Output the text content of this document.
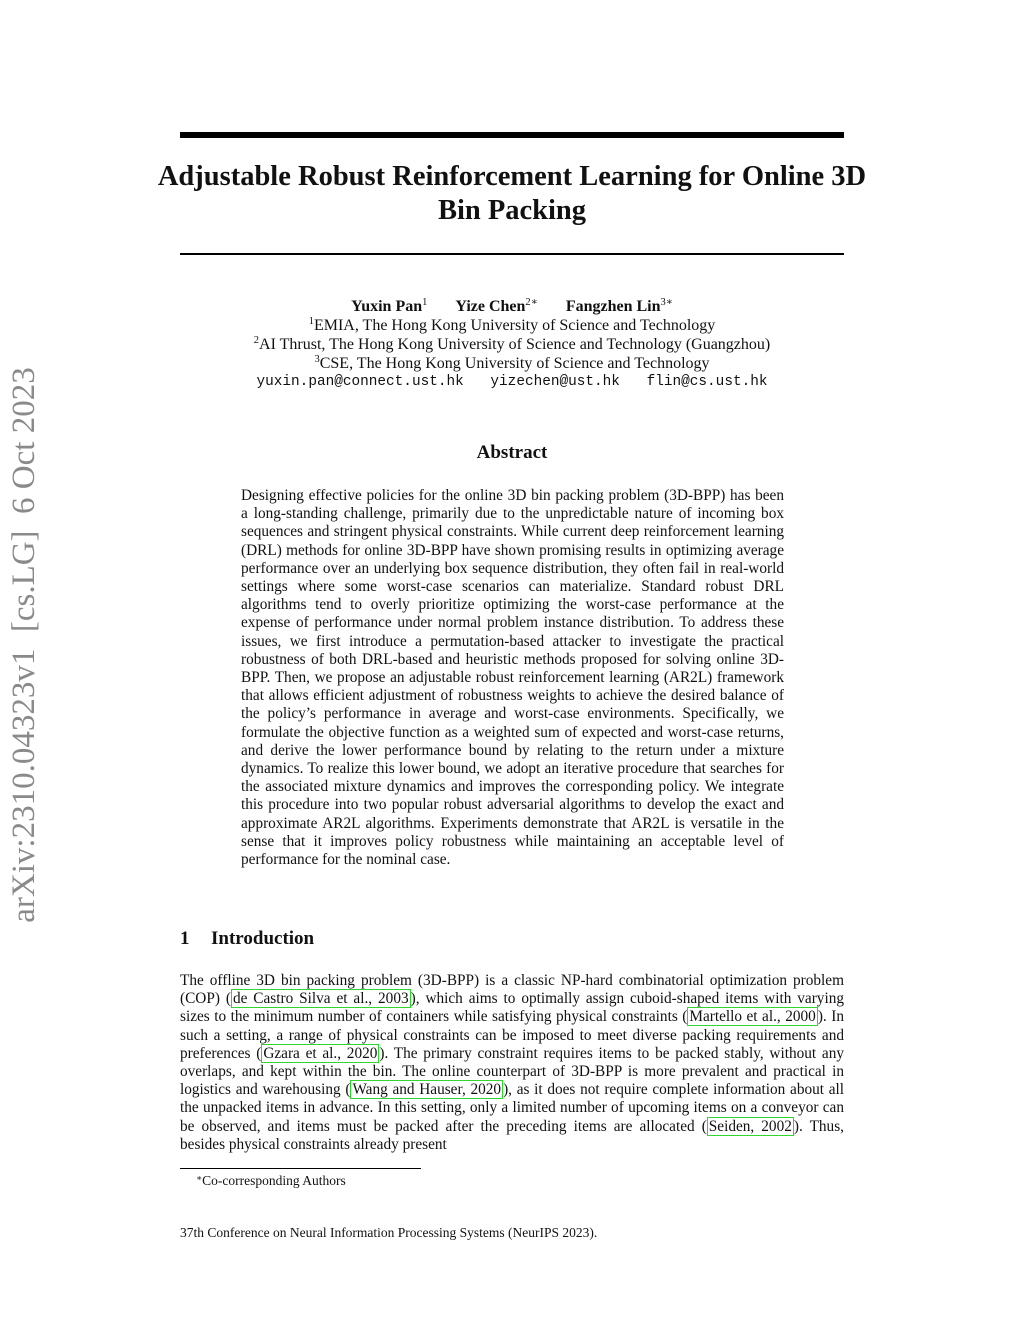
Adjustable Robust Reinforcement Learning for Online 3D Bin Packing
Yuxin Pan$^1$ Yize Chen$^{2∗}$ Fangzhen Lin$^{3∗}$
$^1$EMIA, The Hong Kong University of Science and Technology
$^2$AI Thrust, The Hong Kong University of Science and Technology (Guangzhou)
$^3$CSE, The Hong Kong University of Science and Technology
yuxin.pan@connect.ust.hk yizechen@ust.hk flin@cs.ust.hk
Abstract
Designing effective policies for the online 3D bin packing problem (3D-BPP) has been a long-standing challenge, primarily due to the unpredictable nature of incoming box sequences and stringent physical constraints. While current deep reinforcement learning (DRL) methods for online 3D-BPP have shown promising results in optimizing average performance over an underlying box sequence distribution, they often fail in real-world settings where some worst-case scenarios can materialize. Standard robust DRL algorithms tend to overly prioritize optimizing the worst-case performance at the expense of performance under normal problem instance distribution. To address these issues, we first introduce a permutation-based attacker to investigate the practical robustness of both DRL-based and heuristic methods proposed for solving online 3D-BPP. Then, we propose an adjustable robust reinforcement learning (AR2L) framework that allows efficient adjustment of robustness weights to achieve the desired balance of the policy’s performance in average and worst-case environments. Specifically, we formulate the objective function as a weighted sum of expected and worst-case returns, and derive the lower performance bound by relating to the return under a mixture dynamics. To realize this lower bound, we adopt an iterative procedure that searches for the associated mixture dynamics and improves the corresponding policy. We integrate this procedure into two popular robust adversarial algorithms to develop the exact and approximate AR2L algorithms. Experiments demonstrate that AR2L is versatile in the sense that it improves policy robustness while maintaining an acceptable level of performance for the nominal case.
1 Introduction
The offline 3D bin packing problem (3D-BPP) is a classic NP-hard combinatorial optimization problem (COP) ( de Castro Silva et al., 2003 ), which aims to optimally assign cuboid-shaped items with varying sizes to the minimum number of containers while satisfying physical constraints ( Martello et al., 2000 ). In such a setting, a range of physical constraints can be imposed to meet diverse packing requirements and preferences ( Gzara et al., 2020 ). The primary constraint requires items to be packed stably, without any overlaps, and kept within the bin. The online counterpart of 3D-BPP is more prevalent and practical in logistics and warehousing ( Wang and Hauser, 2020 ), as it does not require complete information about all the unpacked items in advance. In this setting, only a limited number of upcoming items on a conveyor can be observed, and items must be packed after the preceding items are allocated ( Seiden, 2002 ). Thus, besides physical constraints already present
∗Co-corresponding Authors
37th Conference on Neural Information Processing Systems (NeurIPS 2023).
arXiv:2310.04323v1  [cs.LG]  6 Oct 2023
